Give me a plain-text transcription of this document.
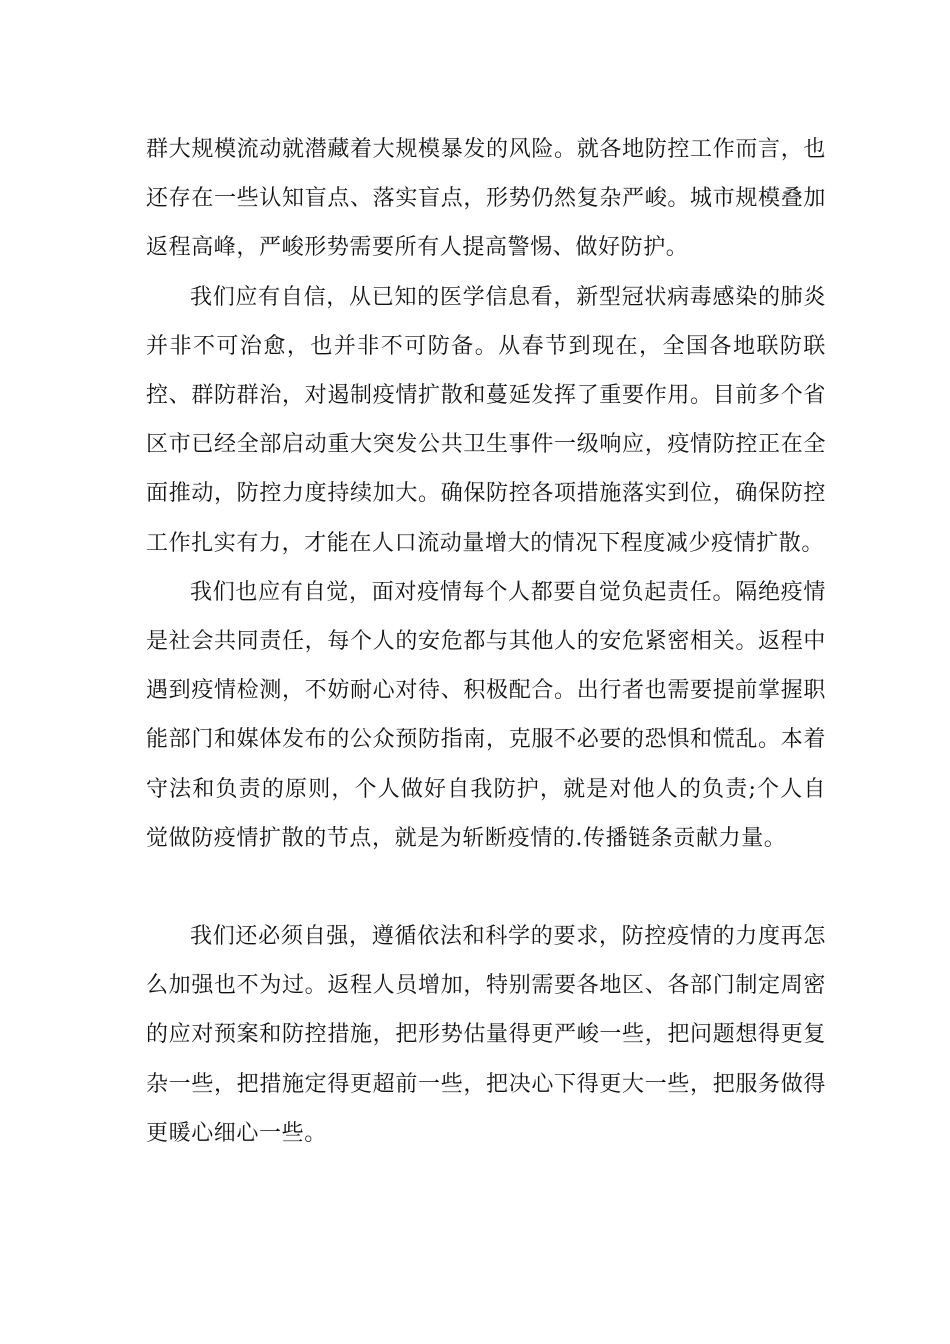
群大规模流动就潜藏着大规模暴发的风险。就各地防控工作而言，也还存在一些认知盲点、落实盲点，形势仍然复杂严峻。城市规模叠加返程高峰，严峻形势需要所有人提高警惕、做好防护。

我们应有自信，从已知的医学信息看，新型冠状病毒感染的肺炎并非不可治愈，也并非不可防备。从春节到现在，全国各地联防联控、群防群治，对遏制疫情扩散和蔓延发挥了重要作用。目前多个省区市已经全部启动重大突发公共卫生事件一级响应，疫情防控正在全面推动，防控力度持续加大。确保防控各项措施落实到位，确保防控工作扎实有力，才能在人口流动量增大的情况下程度减少疫情扩散。

我们也应有自觉，面对疫情每个人都要自觉负起责任。隔绝疫情是社会共同责任，每个人的安危都与其他人的安危紧密相关。返程中遇到疫情检测，不妨耐心对待、积极配合。出行者也需要提前掌握职能部门和媒体发布的公众预防指南，克服不必要的恐惧和慌乱。本着守法和负责的原则，个人做好自我防护，就是对他人的负责;个人自觉做防疫情扩散的节点，就是为斩断疫情的.传播链条贡献力量。

我们还必须自强，遵循依法和科学的要求，防控疫情的力度再怎么加强也不为过。返程人员增加，特别需要各地区、各部门制定周密的应对预案和防控措施，把形势估量得更严峻一些，把问题想得更复杂一些，把措施定得更超前一些，把决心下得更大一些，把服务做得更暖心细心一些。
